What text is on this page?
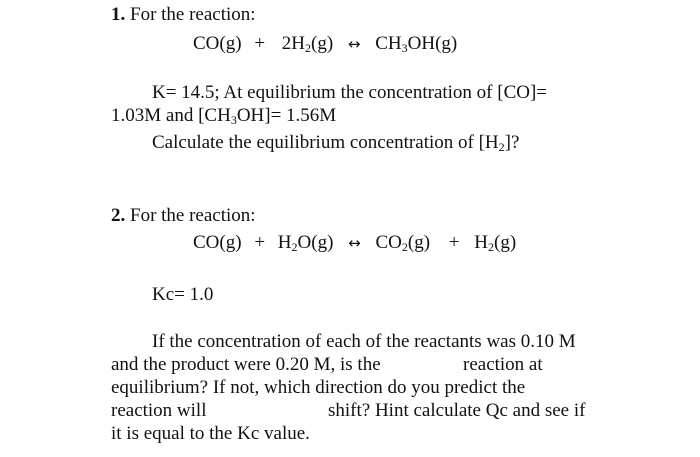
1. For the reaction:
$CO(g) + 2H_2(g)$ ↔ $CH_3OH(g)$
K= 14.5; At equilibrium the concentration of [CO]=
1.03M and $[CH_3OH]= 1.56M$
Calculate the equilibrium concentration of $[H_2]$?
2. For the reaction:
$CO(g) + H_2O(g)$ ↔ $CO_2(g) + H_2(g)$
Kc= 1.0
If the concentration of each of the reactants was 0.10 M
and the product were 0.20 M, is the	reaction at
equilibrium? If not, which direction do you predict the
reaction will	shift? Hint calculate Qc and see if
it is equal to the Kc value.
